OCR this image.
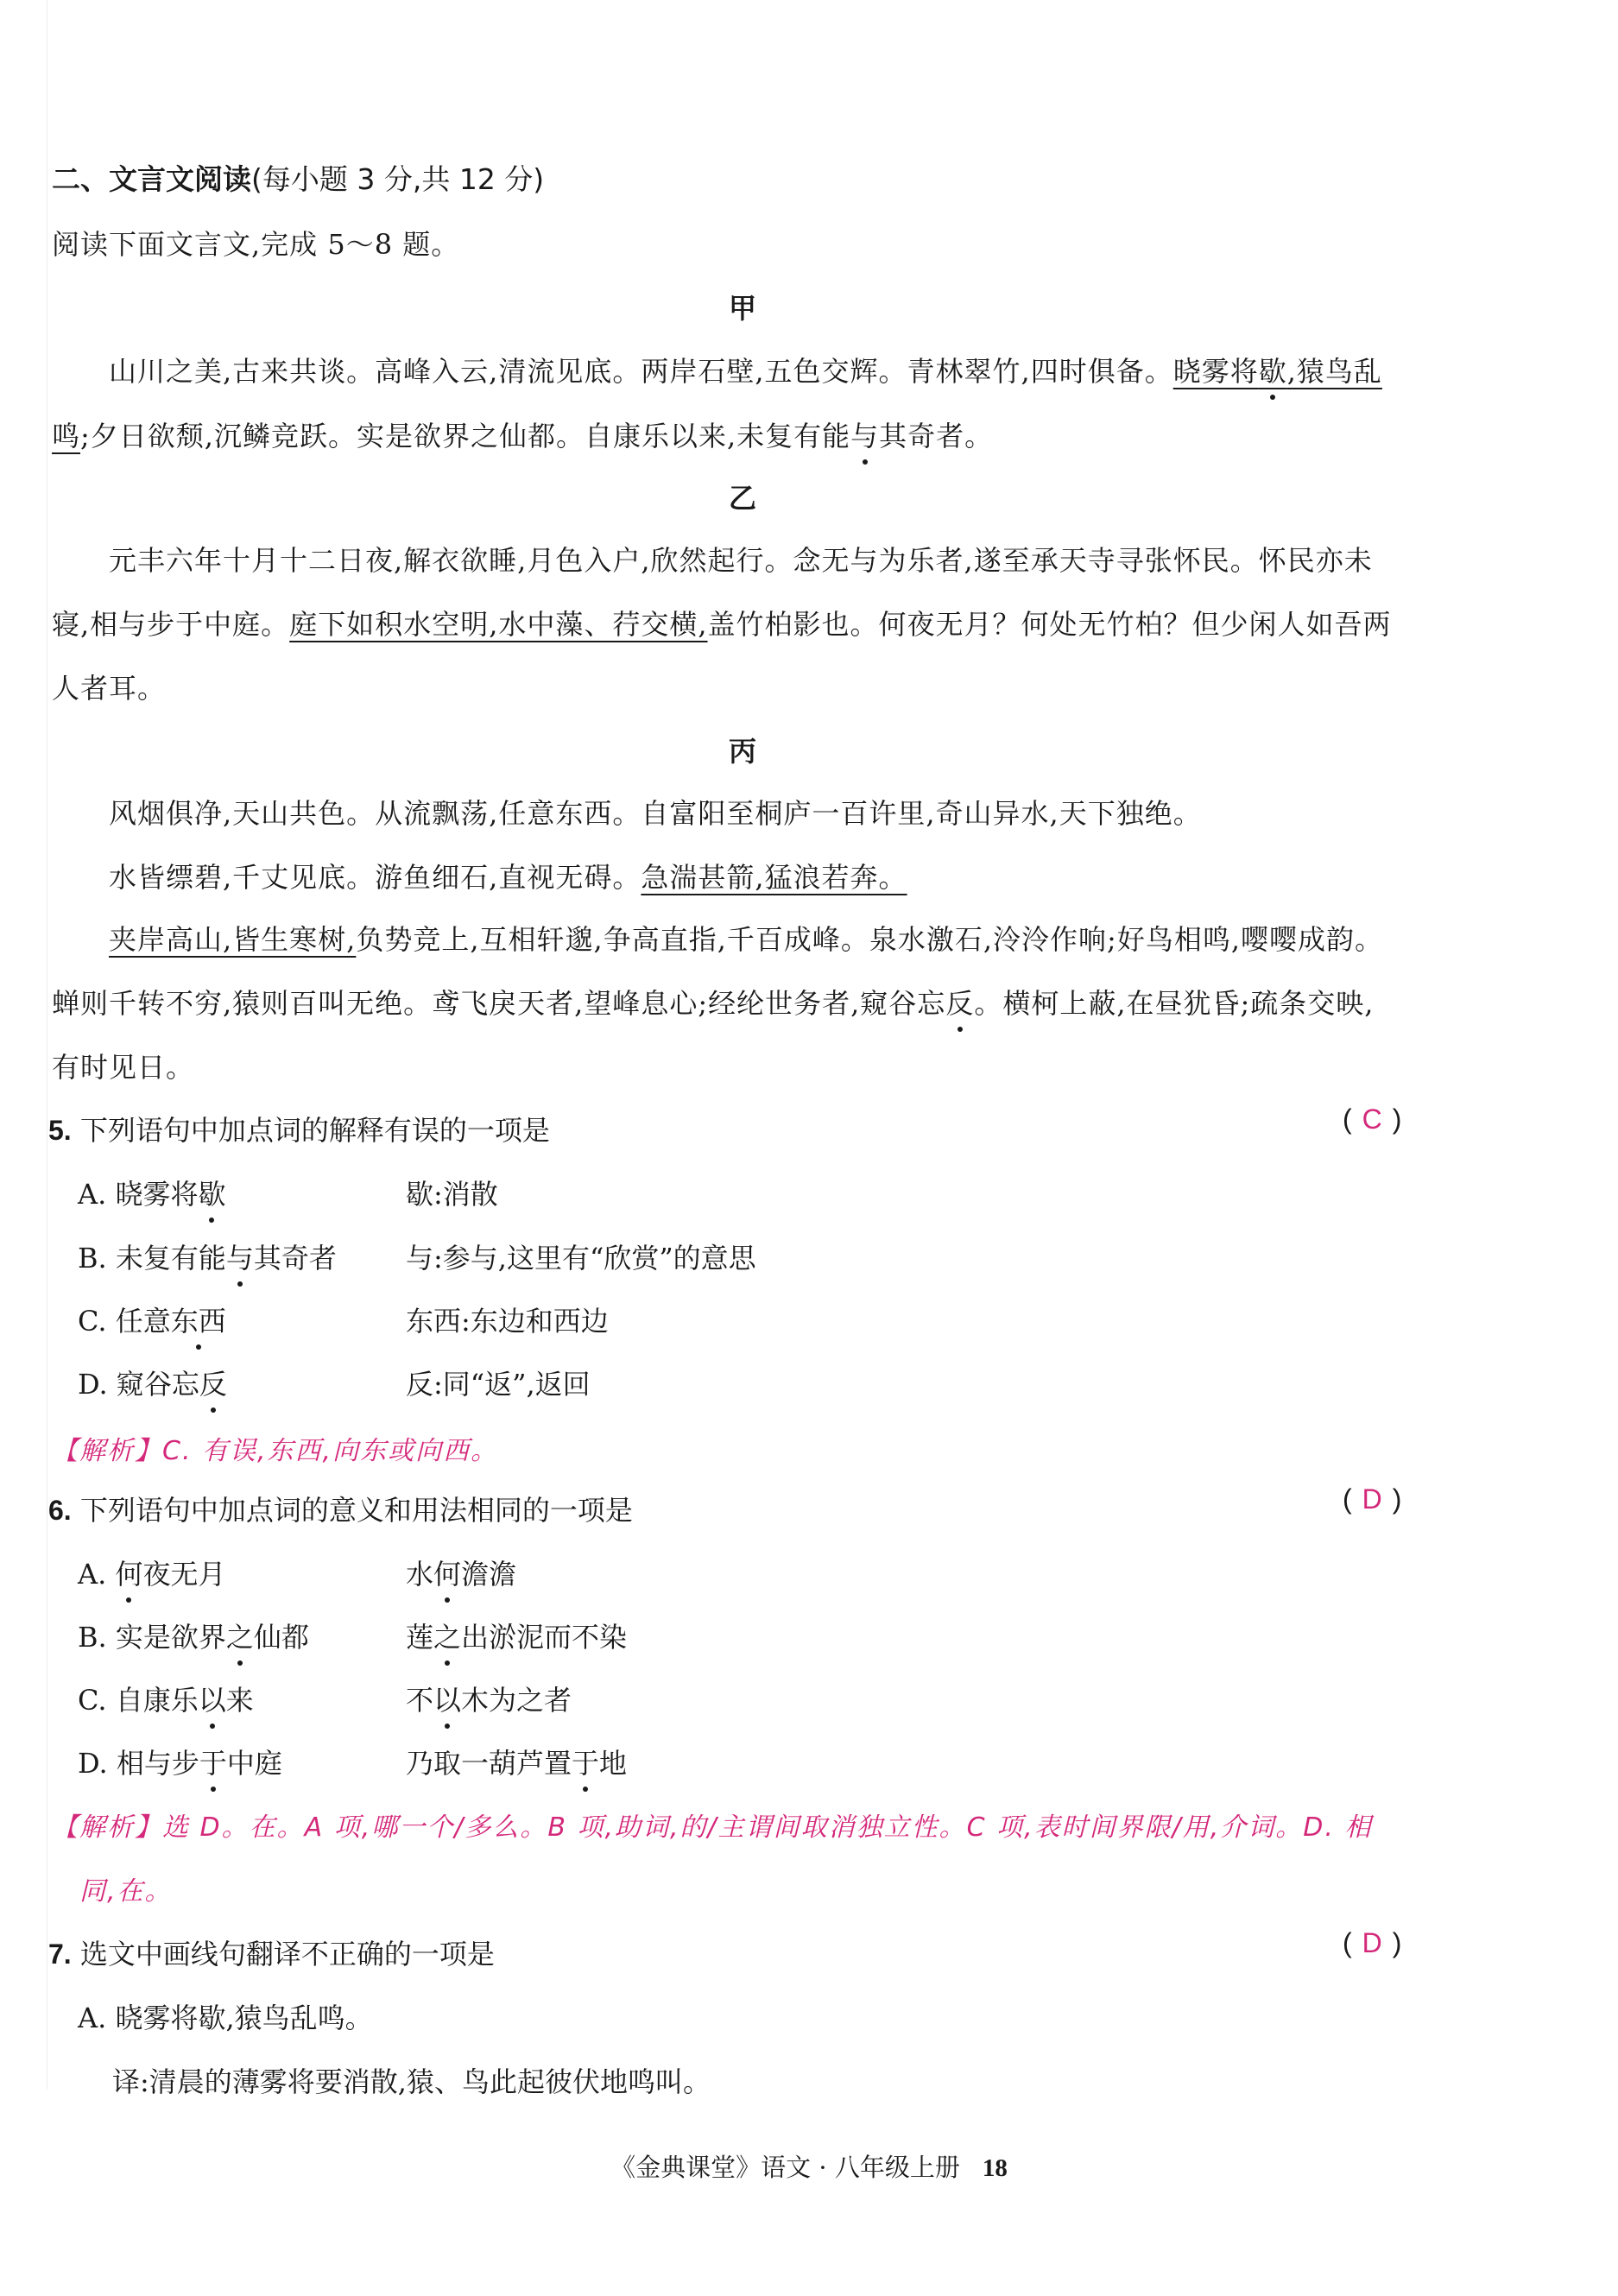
二、文言文阅读(每小题 3 分,共 12 分)
阅读下面文言文,完成 5～8 题。
甲
山川之美,古来共谈。高峰入云,清流见底。两岸石壁,五色交辉。青林翠竹,四时俱备。晓雾将歇,猿鸟乱
鸣;夕日欲颓,沉鳞竞跃。实是欲界之仙都。自康乐以来,未复有能与其奇者。
乙
元丰六年十月十二日夜,解衣欲睡,月色入户,欣然起行。念无与为乐者,遂至承天寺寻张怀民。怀民亦未
寝,相与步于中庭。庭下如积水空明,水中藻、荇交横,盖竹柏影也。何夜无月？何处无竹柏？但少闲人如吾两
人者耳。
丙
风烟俱净,天山共色。从流飘荡,任意东西。自富阳至桐庐一百许里,奇山异水,天下独绝。
水皆缥碧,千丈见底。游鱼细石,直视无碍。急湍甚箭,猛浪若奔。
夹岸高山,皆生寒树,负势竞上,互相轩邈,争高直指,千百成峰。泉水激石,泠泠作响;好鸟相鸣,嘤嘤成韵。
蝉则千转不穷,猿则百叫无绝。鸢飞戾天者,望峰息心;经纶世务者,窥谷忘反。横柯上蔽,在昼犹昏;疏条交映,
有时见日。
5. 下列语句中加点词的解释有误的一项是	( C )
A. 晓雾将歇	歇:消散
B. 未复有能与其奇者	与:参与,这里有“欣赏”的意思
C. 任意东西	东西:东边和西边
D. 窥谷忘反	反:同“返”,返回
【解析】C. 有误,东西,向东或向西。
6. 下列语句中加点词的意义和用法相同的一项是	( D )
A. 何夜无月	水何澹澹
B. 实是欲界之仙都	莲之出淤泥而不染
C. 自康乐以来	不以木为之者
D. 相与步于中庭	乃取一葫芦置于地
【解析】选 D。在。A 项,哪一个/多么。B 项,助词,的/主谓间取消独立性。C 项,表时间界限/用,介词。D. 相
同,在。
7. 选文中画线句翻译不正确的一项是	( D )
A. 晓雾将歇,猿鸟乱鸣。
译:清晨的薄雾将要消散,猿、鸟此起彼伏地鸣叫。
《金典课堂》语文 · 八年级上册 18
